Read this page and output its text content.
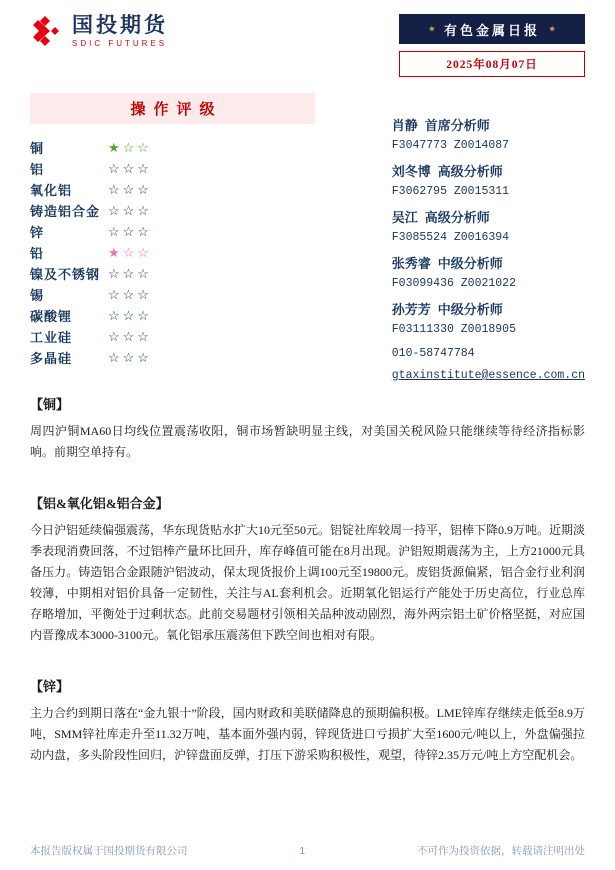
国投期货
SDIC FUTURES
★ 有色金属日报 ★
2025年08月07日
操作评级
铜	★☆☆
铝	☆☆☆
氧化铝	☆☆☆
铸造铝合金 ☆☆☆
锌	☆☆☆
铅	★☆☆
镍及不锈钢 ☆☆☆
锡	☆☆☆
碳酸锂	☆☆☆
工业硅	☆☆☆
多晶硅	☆☆☆
肖静 首席分析师
F3047773 Z0014087
刘冬博 高级分析师
F3062795 Z0015311
吴江 高级分析师
F3085524 Z0016394
张秀睿 中级分析师
F03099436 Z0021022
孙芳芳 中级分析师
F03111330 Z0018905
010-58747784
gtaxinstitute@essence.com.cn
【铜】
周四沪铜MA60日均线位置震荡收阳，铜市场暂缺明显主线，对美国关税风险只能继续等待经济指标影响。前期空单持有。
【铝&氧化铝&铝合金】
今日沪铝延续偏强震荡，华东现货贴水扩大10元至50元。铝锭社库较周一持平，铝棒下降0.9万吨。近期淡季表现消费回落，不过铝棒产量环比回升，库存峰值可能在8月出现。沪铝短期震荡为主，上方21000元具备压力。铸造铝合金跟随沪铝波动，保太现货报价上调100元至19800元。废铝货源偏紧，铝合金行业利润较薄，中期相对铝价具备一定韧性，关注与AL套利机会。近期氧化铝运行产能处于历史高位，行业总库存略增加，平衡处于过剩状态。此前交易题材引领相关品种波动剧烈，海外两宗铝土矿价格坚挺，对应国内晋豫成本3000-3100元。氧化铝承压震荡但下跌空间也相对有限。
【锌】
主力合约到期日落在“金九银十”阶段，国内财政和美联储降息的预期偏积极。LME锌库存继续走低至8.9万吨，SMM锌社库走升至11.32万吨，基本面外强内弱，锌现货进口亏损扩大至1600元/吨以上，外盘偏强拉动内盘，多头阶段性回归，沪锌盘面反弹，打压下游采购积极性，观望，待锌2.35万元/吨上方空配机会。
本报告版权属于国投期货有限公司	1	不可作为投资依据，转载请注明出处
